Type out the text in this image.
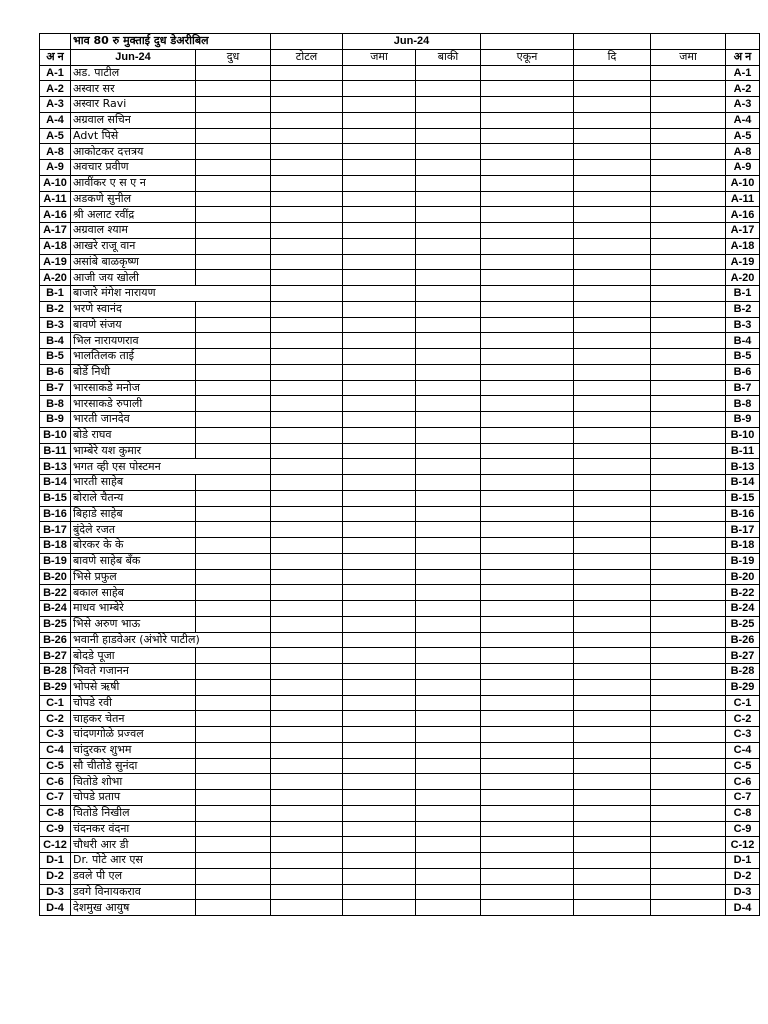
	भाव 80 रु मुक्ताई दुध डेअरीबिल			Jun-24					
अ न	Jun-24	दुध	टोटल	जमा	बाकी	एकून	दि	जमा	अ न
A-1	अड. पाटील								A-1
A-2	अस्वार सर								A-2
A-3	अस्वार Ravi								A-3
A-4	अग्रवाल सचिन								A-4
A-5	Advt पिसे								A-5
A-8	आकोटकर दत्तत्रय								A-8
A-9	अवचार प्रवीण								A-9
A-10	आवींकर ए स ए न								A-10
A-11	अडकणे सुनील								A-11
A-16	श्री अलाट रवींद्र								A-16
A-17	अग्रवाल श्याम								A-17
A-18	आखरे राजू वान								A-18
A-19	असांबे बाळकृष्ण								A-19
A-20	आजी जय खोली								A-20
B-1	बाजारे मंगेश नारायण								B-1
B-2	भरणे स्वानंद								B-2
B-3	बावणे संजय								B-3
B-4	भिल नारायणराव								B-4
B-5	भालतिलक ताई								B-5
B-6	बोर्डे निधी								B-6
B-7	भारसाकडे मनोज								B-7
B-8	भारसाकडे रुपाली								B-8
B-9	भारती जानदेव								B-9
B-10	बोडे राघव								B-10
B-11	भाम्बेरे यश कुमार								B-11
B-13	भगत व्ही एस पोस्टमन								B-13
B-14	भारती साहेब								B-14
B-15	बोराले चैतन्य								B-15
B-16	बिहाडे साहेब								B-16
B-17	बुंदेले रजत								B-17
B-18	बोरकर के के								B-18
B-19	बावणे साहेब बँक								B-19
B-20	भिसे प्रफुल								B-20
B-22	बकाल साहेब								B-22
B-24	माधव भाम्बेरे								B-24
B-25	भिसे अरुण भाऊ								B-25
B-26	भवानी हाडवेअर (अंभोरे पाटील)								B-26
B-27	बोदडे पूजा								B-27
B-28	भिवते गजानन								B-28
B-29	भोपसे ऋषी								B-29
C-1	चोपडे रवी								C-1
C-2	चाहकर चेतन								C-2
C-3	चांदणगोळे प्रज्वल								C-3
C-4	चांदुरकर शुभम								C-4
C-5	सौ चीतोडे सुनंदा								C-5
C-6	चितोडे शोभा								C-6
C-7	चोपडे प्रताप								C-7
C-8	चितोडे निखील								C-8
C-9	चंदनकर वंदना								C-9
C-12	चौधरी आर डी								C-12
D-1	Dr. पोटे आर एस								D-1
D-2	डवले पी एल								D-2
D-3	डवगे विनायकराव								D-3
D-4	देशमुख आयुष								D-4
